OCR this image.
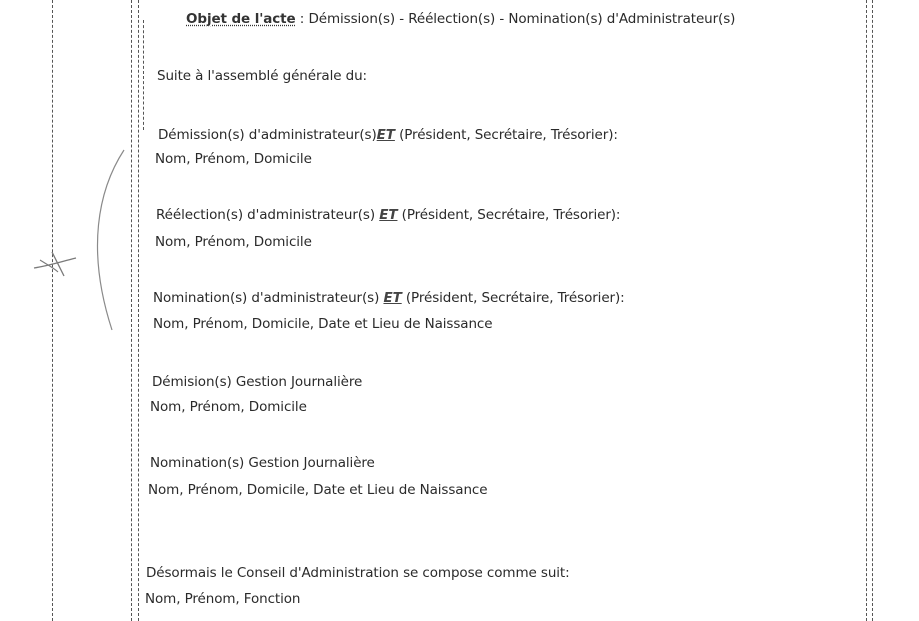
Objet de l'acte : Démission(s) - Réélection(s) - Nomination(s) d'Administrateur(s)
Suite à l'assemblé générale du:
Démission(s) d'administrateur(s)ET (Président, Secrétaire, Trésorier):
Nom, Prénom, Domicile
Réélection(s) d'administrateur(s) ET (Président, Secrétaire, Trésorier):
Nom, Prénom, Domicile
Nomination(s) d'administrateur(s) ET (Président, Secrétaire, Trésorier):
Nom, Prénom, Domicile, Date et Lieu de Naissance
Démision(s) Gestion Journalière
Nom, Prénom, Domicile
Nomination(s) Gestion Journalière
Nom, Prénom, Domicile, Date et Lieu de Naissance
Désormais le Conseil d'Administration se compose comme suit:
Nom, Prénom, Fonction
